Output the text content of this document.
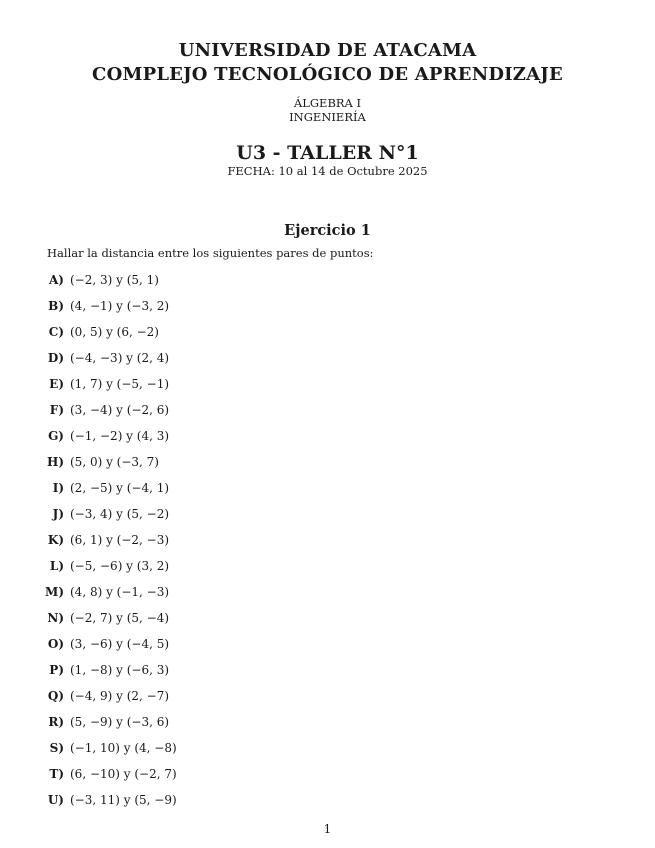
UNIVERSIDAD DE ATACAMA
COMPLEJO TECNOLÓGICO DE APRENDIZAJE
ÁLGEBRA I
INGENIERÍA
U3 - TALLER N°1
FECHA: 10 al 14 de Octubre 2025
Ejercicio 1
Hallar la distancia entre los siguientes pares de puntos:
A) (−2, 3) y (5, 1)
B) (4, −1) y (−3, 2)
C) (0, 5) y (6, −2)
D) (−4, −3) y (2, 4)
E) (1, 7) y (−5, −1)
F) (3, −4) y (−2, 6)
G) (−1, −2) y (4, 3)
H) (5, 0) y (−3, 7)
I) (2, −5) y (−4, 1)
J) (−3, 4) y (5, −2)
K) (6, 1) y (−2, −3)
L) (−5, −6) y (3, 2)
M) (4, 8) y (−1, −3)
N) (−2, 7) y (5, −4)
O) (3, −6) y (−4, 5)
P) (1, −8) y (−6, 3)
Q) (−4, 9) y (2, −7)
R) (5, −9) y (−3, 6)
S) (−1, 10) y (4, −8)
T) (6, −10) y (−2, 7)
U) (−3, 11) y (5, −9)
1
